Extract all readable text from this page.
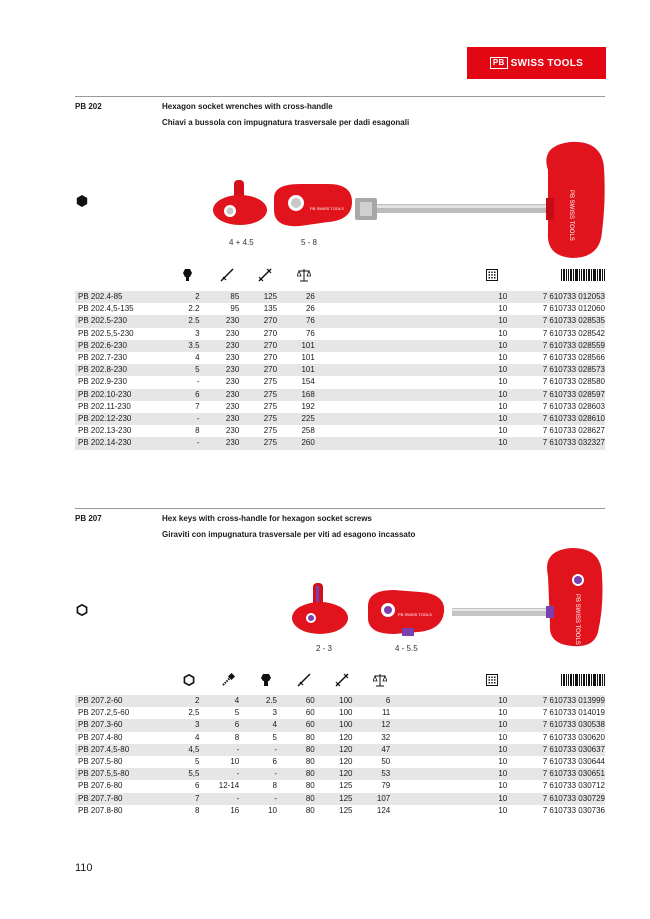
PB SWISS TOOLS
PB 202	Hexagon socket wrenches with cross-handle
Chiavi a bussola con impugnatura trasversale per dadi esagonali
PB SWISS TOOLS	PB SWISS TOOLS
4 + 4.5	5 - 8
PB 202.4-85	2	85	125	26	10	7 610733 012053
PB 202.4,5-135	2.2	95	135	26	10	7 610733 012060
PB 202.5-230	2.5	230	270	76	10	7 610733 028535
PB 202.5,5-230	3	230	270	76	10	7 610733 028542
PB 202.6-230	3.5	230	270	101	10	7 610733 028559
PB 202.7-230	4	230	270	101	10	7 610733 028566
PB 202.8-230	5	230	270	101	10	7 610733 028573
PB 202.9-230	-	230	275	154	10	7 610733 028580
PB 202.10-230	6	230	275	168	10	7 610733 028597
PB 202.11-230	7	230	275	192	10	7 610733 028603
PB 202.12-230	-	230	275	225	10	7 610733 028610
PB 202.13-230	8	230	275	258	10	7 610733 028627
PB 202.14-230	-	230	275	260	10	7 610733 032327
PB 207	Hex keys with cross-handle for hexagon socket screws
Giraviti con impugnatura trasversale per viti ad esagono incassato
PB SWISS TOOLS	PB SWISS TOOLS
2 - 3	4 - 5.5
PB 207.2-60	2	4	2.5	60	100	6	10	7 610733 013999
PB 207.2,5-60	2,5	5	3	60	100	11	10	7 610733 014019
PB 207.3-60	3	6	4	60	100	12	10	7 610733 030538
PB 207.4-80	4	8	5	80	120	32	10	7 610733 030620
PB 207.4,5-80	4,5	-	-	80	120	47	10	7 610733 030637
PB 207.5-80	5	10	6	80	120	50	10	7 610733 030644
PB 207.5,5-80	5,5	-	-	80	120	53	10	7 610733 030651
PB 207.6-80	6	12-14	8	80	125	79	10	7 610733 030712
PB 207.7-80	7	-	-	80	125	107	10	7 610733 030729
PB 207.8-80	8	16	10	80	125	124	10	7 610733 030736
110
